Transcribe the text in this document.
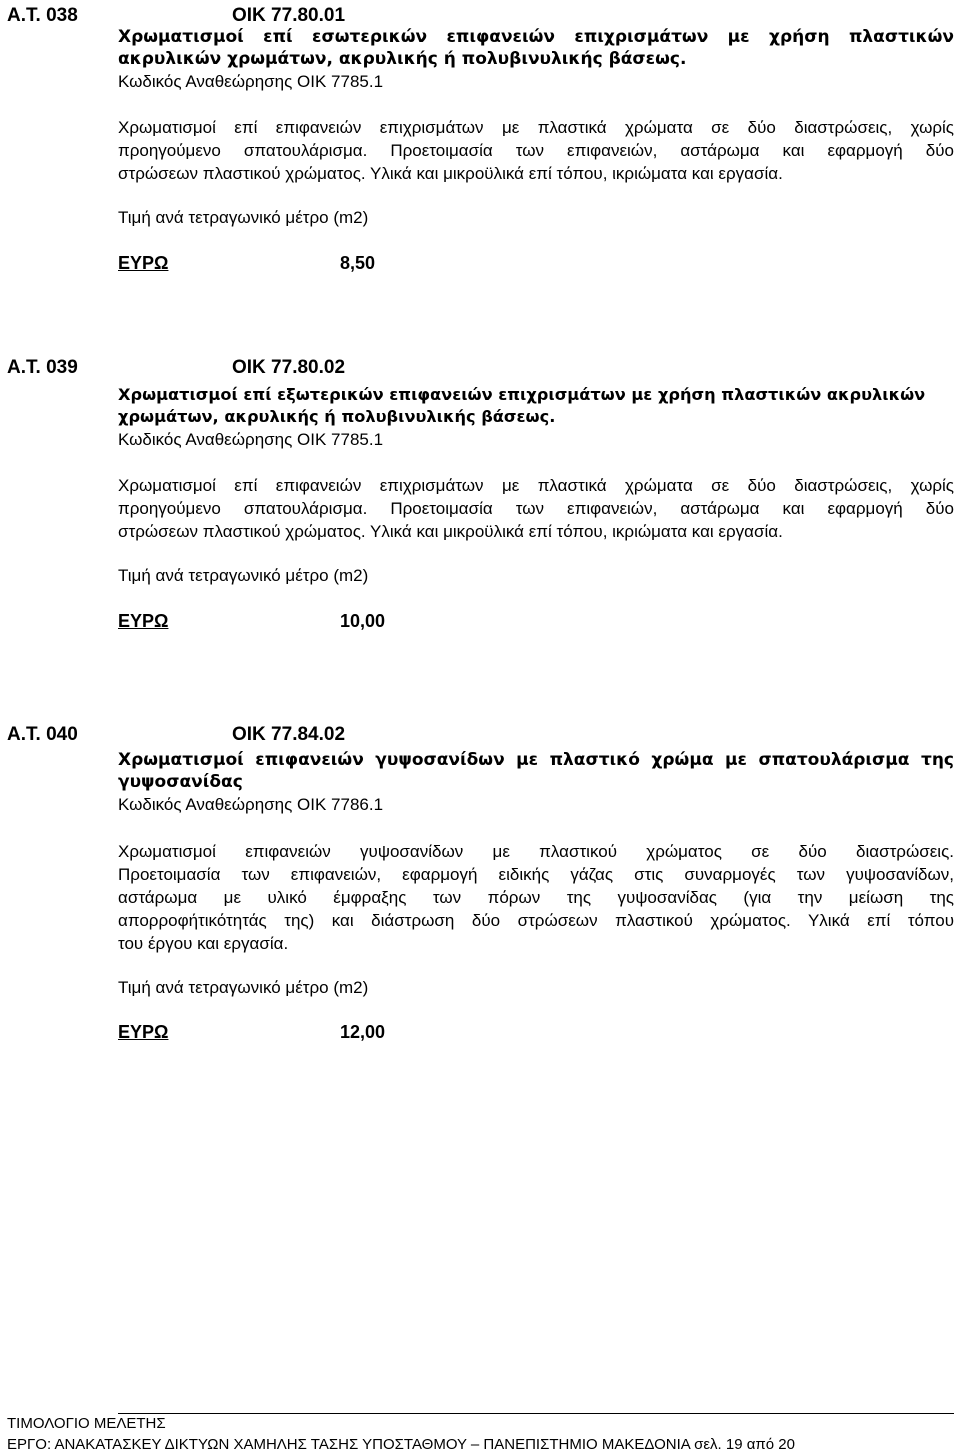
Α.Τ. 038	ΟΙΚ 77.80.01
Χρωματισμοί επί εσωτερικών επιφανειών επιχρισμάτων με χρήση πλαστικών
ακρυλικών χρωμάτων, ακρυλικής ή πολυβινυλικής βάσεως.
Κωδικός Αναθεώρησης ΟΙΚ 7785.1
Χρωματισμοί επί επιφανειών επιχρισμάτων με πλαστικά χρώματα σε δύο διαστρώσεις, χωρίς
προηγούμενο σπατουλάρισμα. Προετοιμασία των επιφανειών, αστάρωμα και εφαρμογή δύο
στρώσεων πλαστικού χρώματος. Υλικά και μικροϋλικά επί τόπου, ικριώματα και εργασία.
Τιμή ανά τετραγωνικό μέτρο (m2)
ΕΥΡΩ	8,50
Α.Τ. 039	ΟΙΚ 77.80.02
Χρωματισμοί επί εξωτερικών επιφανειών επιχρισμάτων με χρήση πλαστικών ακρυλικών
χρωμάτων, ακρυλικής ή πολυβινυλικής βάσεως.
Κωδικός Αναθεώρησης ΟΙΚ 7785.1
Χρωματισμοί επί επιφανειών επιχρισμάτων με πλαστικά χρώματα σε δύο διαστρώσεις, χωρίς
προηγούμενο σπατουλάρισμα. Προετοιμασία των επιφανειών, αστάρωμα και εφαρμογή δύο
στρώσεων πλαστικού χρώματος. Υλικά και μικροϋλικά επί τόπου, ικριώματα και εργασία.
Τιμή ανά τετραγωνικό μέτρο (m2)
ΕΥΡΩ	10,00
Α.Τ. 040	ΟΙΚ 77.84.02
Χρωματισμοί επιφανειών γυψοσανίδων με πλαστικό χρώμα με σπατουλάρισμα της
γυψοσανίδας
Κωδικός Αναθεώρησης ΟΙΚ 7786.1
Χρωματισμοί επιφανειών γυψοσανίδων με πλαστικού χρώματος σε δύο διαστρώσεις.
Προετοιμασία των επιφανειών, εφαρμογή ειδικής γάζας στις συναρμογές των γυψοσανίδων,
αστάρωμα με υλικό έμφραξης των πόρων της γυψοσανίδας (για την μείωση της
απορροφήτικότητάς της) και διάστρωση δύο στρώσεων πλαστικού χρώματος. Υλικά επί τόπου
του έργου και εργασία.
Τιμή ανά τετραγωνικό μέτρο (m2)
ΕΥΡΩ	12,00
ΤΙΜΟΛΟΓΙΟ ΜΕΛΕΤΗΣ
ΕΡΓΟ: ΑΝΑΚΑΤΑΣΚΕΥ ΔΙΚΤΥΩΝ ΧΑΜΗΛΗΣ ΤΑΣΗΣ ΥΠΟΣΤΑΘΜΟΥ – ΠΑΝΕΠΙΣΤΗΜΙΟ ΜΑΚΕΔΟΝΙΑ σελ. 19 από 20
